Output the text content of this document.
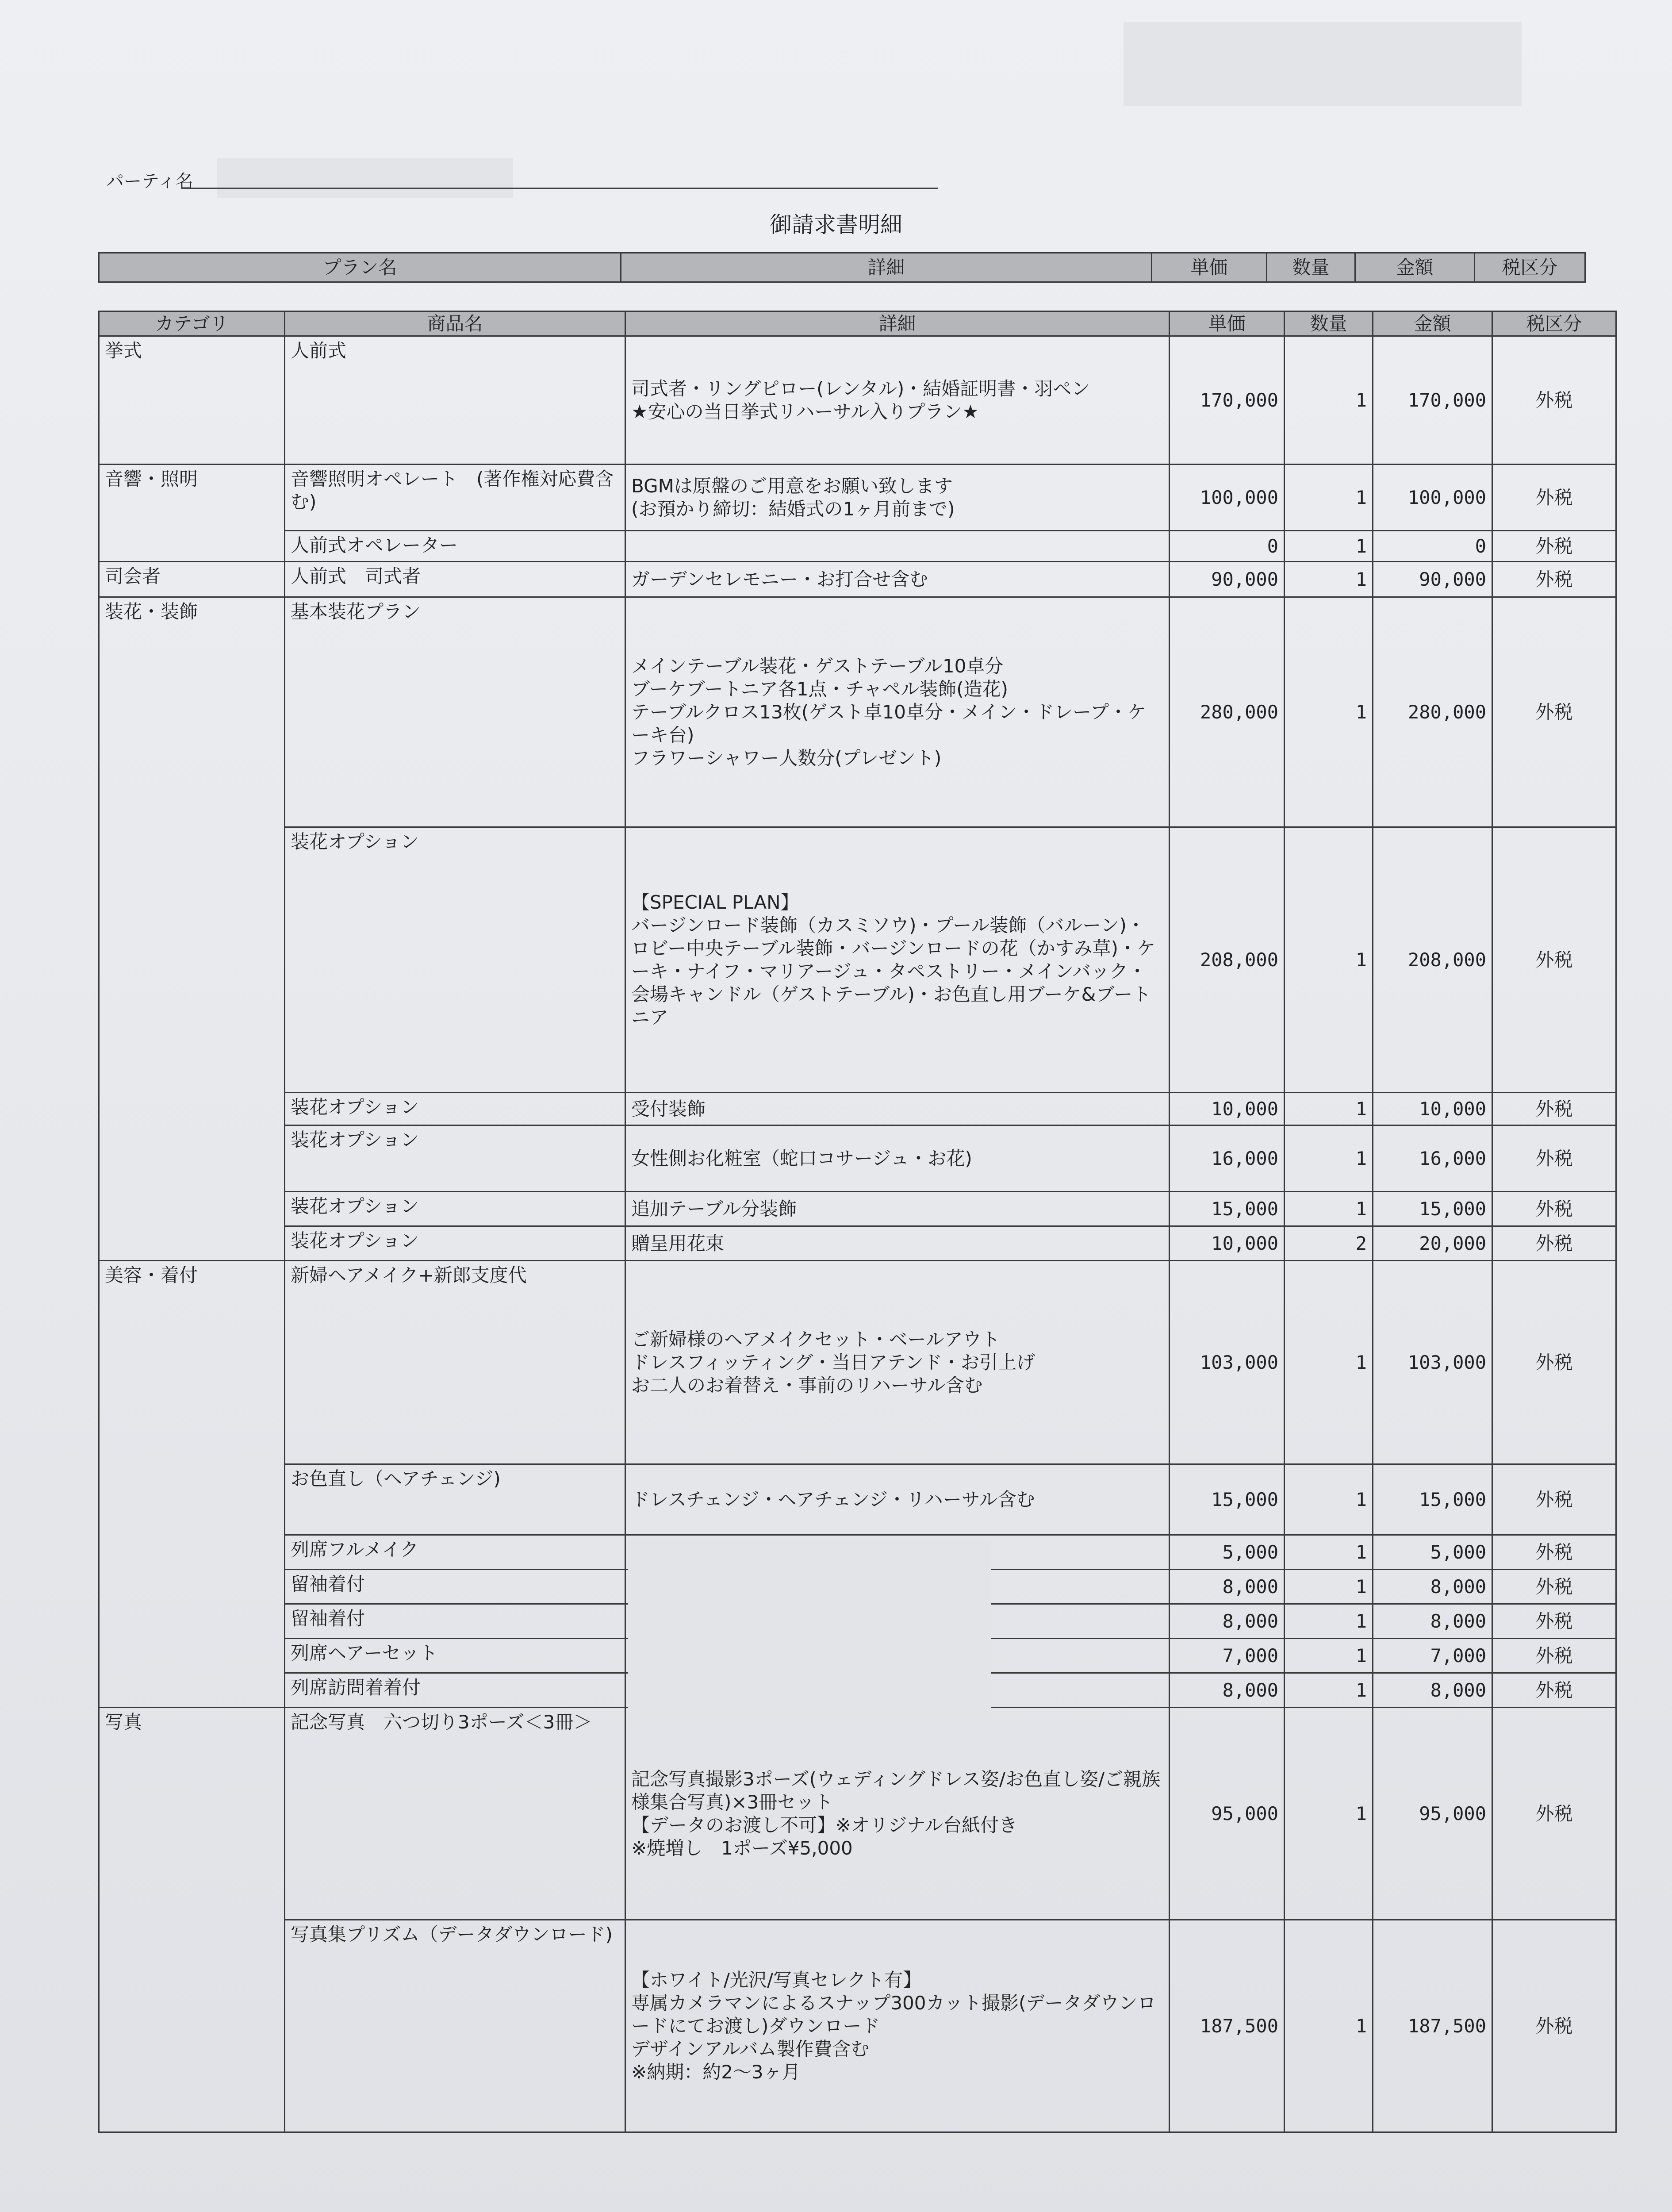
パーティ名
御請求書明細
プラン名	詳細	単価	数量	金額	税区分
カテゴリ	商品名	詳細	単価	数量	金額	税区分
挙式	人前式	司式者・リングピロー(レンタル)・結婚証明書・羽ペン
★安心の当日挙式リハーサル入りプラン★	170,000	1	170,000	外税
音響・照明	音響照明オペレート　(著作権対応費含む)	BGMは原盤のご用意をお願い致します
(お預かり締切：結婚式の1ヶ月前まで)	100,000	1	100,000	外税
	人前式オペレーター		0	1	0	外税
司会者	人前式　司式者	ガーデンセレモニー・お打合せ含む	90,000	1	90,000	外税
装花・装飾	基本装花プラン	メインテーブル装花・ゲストテーブル10卓分
ブーケブートニア各1点・チャペル装飾(造花)
テーブルクロス13枚(ゲスト卓10卓分・メイン・ドレープ・ケーキ台)
フラワーシャワー人数分(プレゼント)	280,000	1	280,000	外税
	装花オプション	【SPECIAL PLAN】
バージンロード装飾（カスミソウ)・プール装飾（バルーン)・ロビー中央テーブル装飾・バージンロードの花（かすみ草)・ケーキ・ナイフ・マリアージュ・タペストリー・メインバック・会場キャンドル（ゲストテーブル)・お色直し用ブーケ&ブートニア	208,000	1	208,000	外税
	装花オプション	受付装飾	10,000	1	10,000	外税
	装花オプション	女性側お化粧室（蛇口コサージュ・お花)	16,000	1	16,000	外税
	装花オプション	追加テーブル分装飾	15,000	1	15,000	外税
	装花オプション	贈呈用花束	10,000	2	20,000	外税
美容・着付	新婦ヘアメイク+新郎支度代	ご新婦様のヘアメイクセット・ベールアウト
ドレスフィッティング・当日アテンド・お引上げ
お二人のお着替え・事前のリハーサル含む	103,000	1	103,000	外税
	お色直し（ヘアチェンジ)	ドレスチェンジ・ヘアチェンジ・リハーサル含む	15,000	1	15,000	外税
	列席フルメイク		5,000	1	5,000	外税
	留袖着付		8,000	1	8,000	外税
	留袖着付		8,000	1	8,000	外税
	列席ヘアーセット		7,000	1	7,000	外税
	列席訪問着着付		8,000	1	8,000	外税
写真	記念写真　六つ切り3ポーズ＜3冊＞	記念写真撮影3ポーズ(ウェディングドレス姿/お色直し姿/ご親族様集合写真)×3冊セット
【データのお渡し不可】※オリジナル台紙付き
※焼増し　1ポーズ¥5,000	95,000	1	95,000	外税
	写真集プリズム（データダウンロード)	【ホワイト/光沢/写真セレクト有】
専属カメラマンによるスナップ300カット撮影(データダウンロードにてお渡し)ダウンロード
デザインアルバム製作費含む
※納期：約2～3ヶ月	187,500	1	187,500	外税
